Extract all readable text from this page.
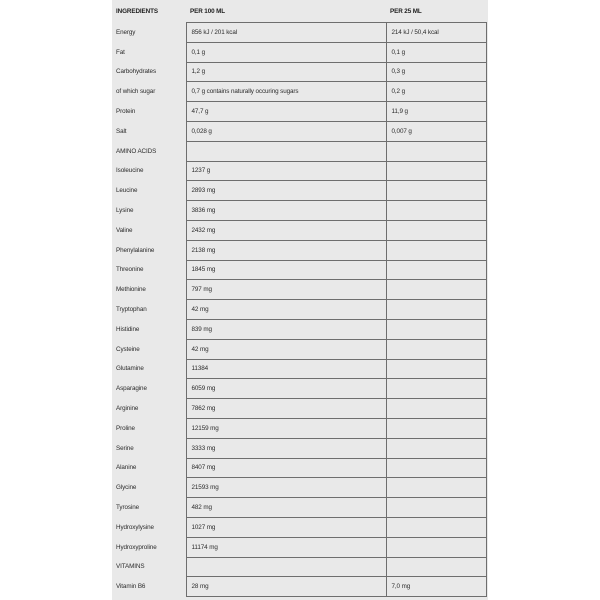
INGREDIENTS	PER 100 ML	PER 25 ML
Energy	856 kJ / 201 kcal	214 kJ / 50,4 kcal
Fat	0,1 g	0,1 g
Carbohydrates	1,2 g	0,3 g
of which sugar	0,7 g contains naturally occuring sugars	0,2 g
Protein	47,7 g	11,9 g
Salt	0,028 g	0,007 g
AMINO ACIDS		
Isoleucine	1237 g	
Leucine	2893 mg	
Lysine	3836 mg	
Valine	2432 mg	
Phenylalanine	2138 mg	
Threonine	1845 mg	
Methionine	797 mg	
Tryptophan	42 mg	
Histidine	839 mg	
Cysteine	42 mg	
Glutamine	11384	
Asparagine	6059 mg	
Arginine	7862 mg	
Proline	12159 mg	
Serine	3333 mg	
Alanine	8407 mg	
Glycine	21593 mg	
Tyrosine	482 mg	
Hydroxylysine	1027 mg	
Hydroxyproline	11174 mg	
VITAMINS		
Vitamin B6	28 mg	7,0 mg
